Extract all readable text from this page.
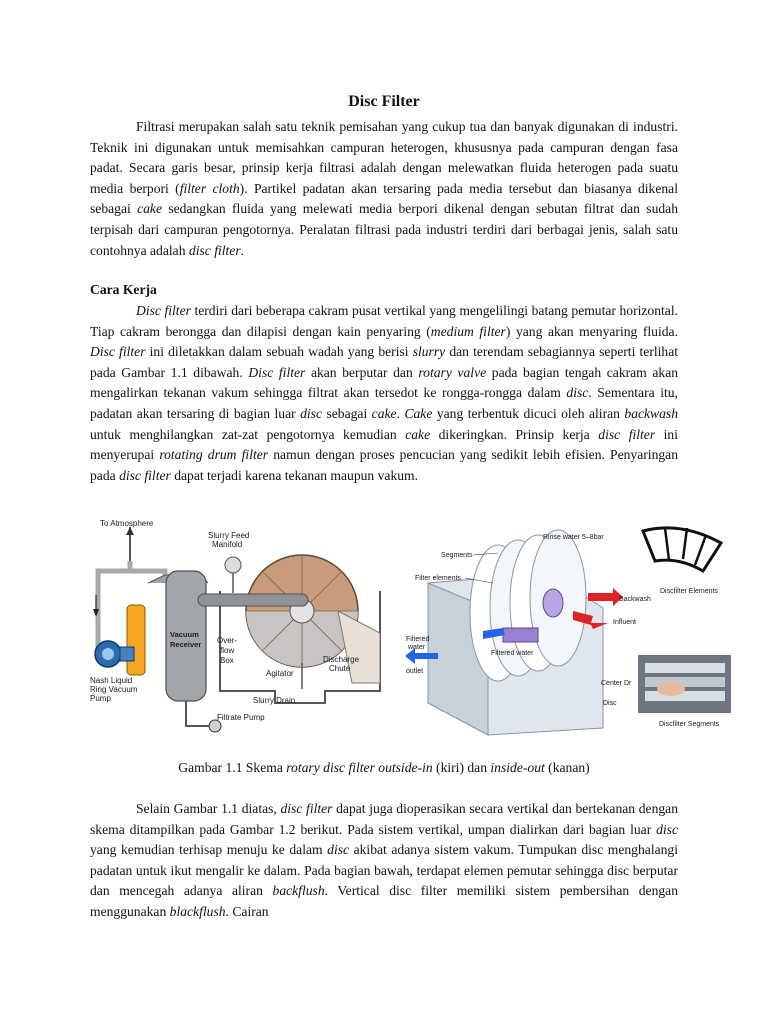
Disc Filter

Filtrasi merupakan salah satu teknik pemisahan yang cukup tua dan banyak digunakan di industri. Teknik ini digunakan untuk memisahkan campuran heterogen, khususnya pada campuran dengan fasa padat. Secara garis besar, prinsip kerja filtrasi adalah dengan melewatkan fluida heterogen pada suatu media berpori (filter cloth). Partikel padatan akan tersaring pada media tersebut dan biasanya dikenal sebagai cake sedangkan fluida yang melewati media berpori dikenal dengan sebutan filtrat dan sudah terpisah dari campuran pengotornya. Peralatan filtrasi pada industri terdiri dari berbagai jenis, salah satu contohnya adalah disc filter.

Cara Kerja

Disc filter terdiri dari beberapa cakram pusat vertikal yang mengelilingi batang pemutar horizontal. Tiap cakram berongga dan dilapisi dengan kain penyaring (medium filter) yang akan menyaring fluida. Disc filter ini diletakkan dalam sebuah wadah yang berisi slurry dan terendam sebagiannya seperti terlihat pada Gambar 1.1 dibawah. Disc filter akan berputar dan rotary valve pada bagian tengah cakram akan mengalirkan tekanan vakum sehingga filtrat akan tersedot ke rongga-rongga dalam disc. Sementara itu, padatan akan tersaring di bagian luar disc sebagai cake. Cake yang terbentuk dicuci oleh aliran backwash untuk menghilangkan zat-zat pengotornya kemudian cake dikeringkan. Prinsip kerja disc filter ini menyerupai rotating drum filter namun dengan proses pencucian yang sedikit lebih efisien. Penyaringan pada disc filter dapat terjadi karena tekanan maupun vakum.

To Atmosphere
Nash Liquid
Ring Vacuum
Pump
Vacuum
Receiver
Filtrate Pump
Over-
flow
Box
Slurry Feed
Manifold
Discharge
Chute
Agitator
Slurry Drain
Rinse water 5–8bar
Segments
Filter elements
Backwash
Influent
Filtered water
Filtered
water
outlet
Center Dr
Disc
Discfilter Elements
Discfilter Segments

Gambar 1.1 Skema rotary disc filter outside-in (kiri) dan inside-out (kanan)

Selain Gambar 1.1 diatas, disc filter dapat juga dioperasikan secara vertikal dan bertekanan dengan skema ditampilkan pada Gambar 1.2 berikut. Pada sistem vertikal, umpan dialirkan dari bagian luar disc yang kemudian terhisap menuju ke dalam disc akibat adanya sistem vakum. Tumpukan disc menghalangi padatan untuk ikut mengalir ke dalam. Pada bagian bawah, terdapat elemen pemutar sehingga disc berputar dan mencegah adanya aliran backflush. Vertical disc filter memiliki sistem pembersihan dengan menggunakan blackflush. Cairan
